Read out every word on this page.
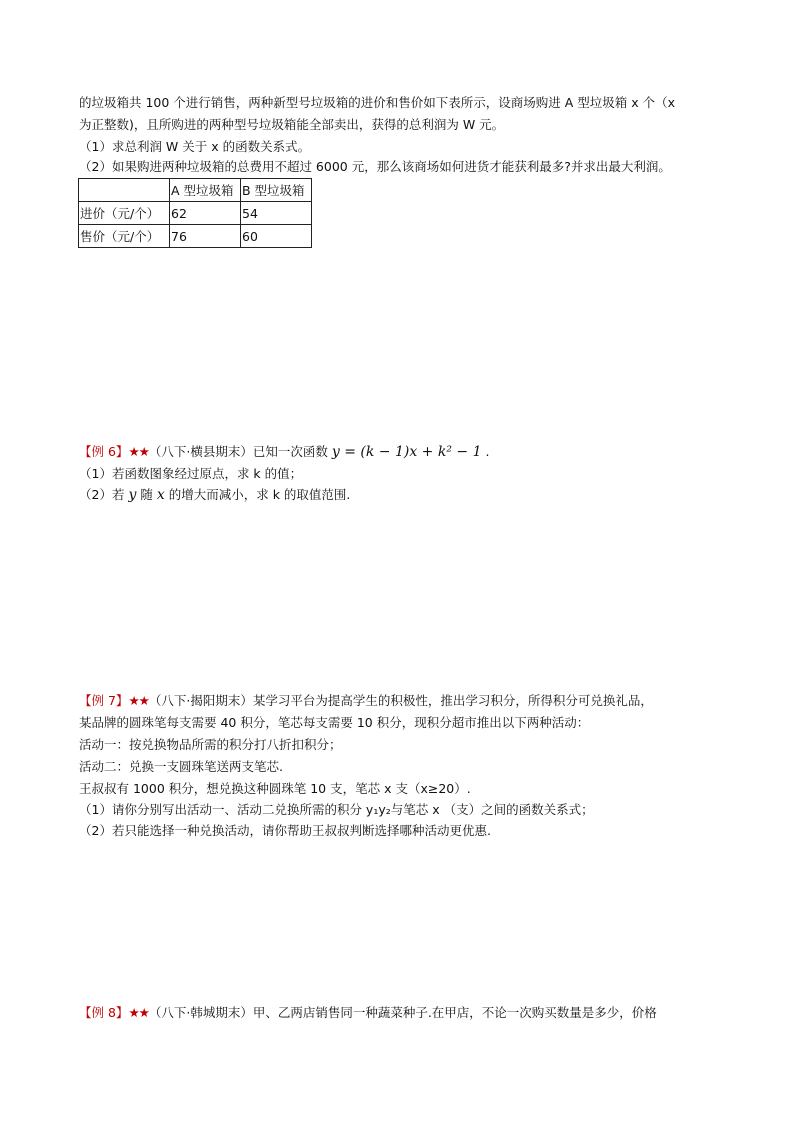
的垃圾箱共 100 个进行销售，两种新型号垃圾箱的进价和售价如下表所示，设商场购进 A 型垃圾箱 x 个（x
为正整数)，且所购进的两种型号垃圾箱能全部卖出，获得的总利润为 W 元。
（1）求总利润 W 关于 x 的函数关系式。
（2）如果购进两种垃圾箱的总费用不超过 6000 元，那么该商场如何进货才能获利最多?并求出最大利润。
	A 型垃圾箱	B 型垃圾箱
进价（元/个）	62	54
售价（元/个）	76	60
【例 6】★★（八下·横县期末）已知一次函数 y = (k − 1)x + k² − 1 .
（1）若函数图象经过原点，求 k 的值；
（2）若 y 随 x 的增大而减小，求 k 的取值范围.
【例 7】★★（八下·揭阳期末）某学习平台为提高学生的积极性，推出学习积分，所得积分可兑换礼品，
某品牌的圆珠笔每支需要 40 积分，笔芯每支需要 10 积分，现积分超市推出以下两种活动：
活动一：按兑换物品所需的积分打八折扣积分；
活动二：兑换一支圆珠笔送两支笔芯.
王叔叔有 1000 积分，想兑换这种圆珠笔 10 支，笔芯 x 支（x≥20）.
（1）请你分别写出活动一、活动二兑换所需的积分 y₁y₂与笔芯 x （支）之间的函数关系式；
（2）若只能选择一种兑换活动，请你帮助王叔叔判断选择哪种活动更优惠.
【例 8】★★（八下·韩城期末）甲、乙两店销售同一种蔬菜种子.在甲店，不论一次购买数量是多少，价格
